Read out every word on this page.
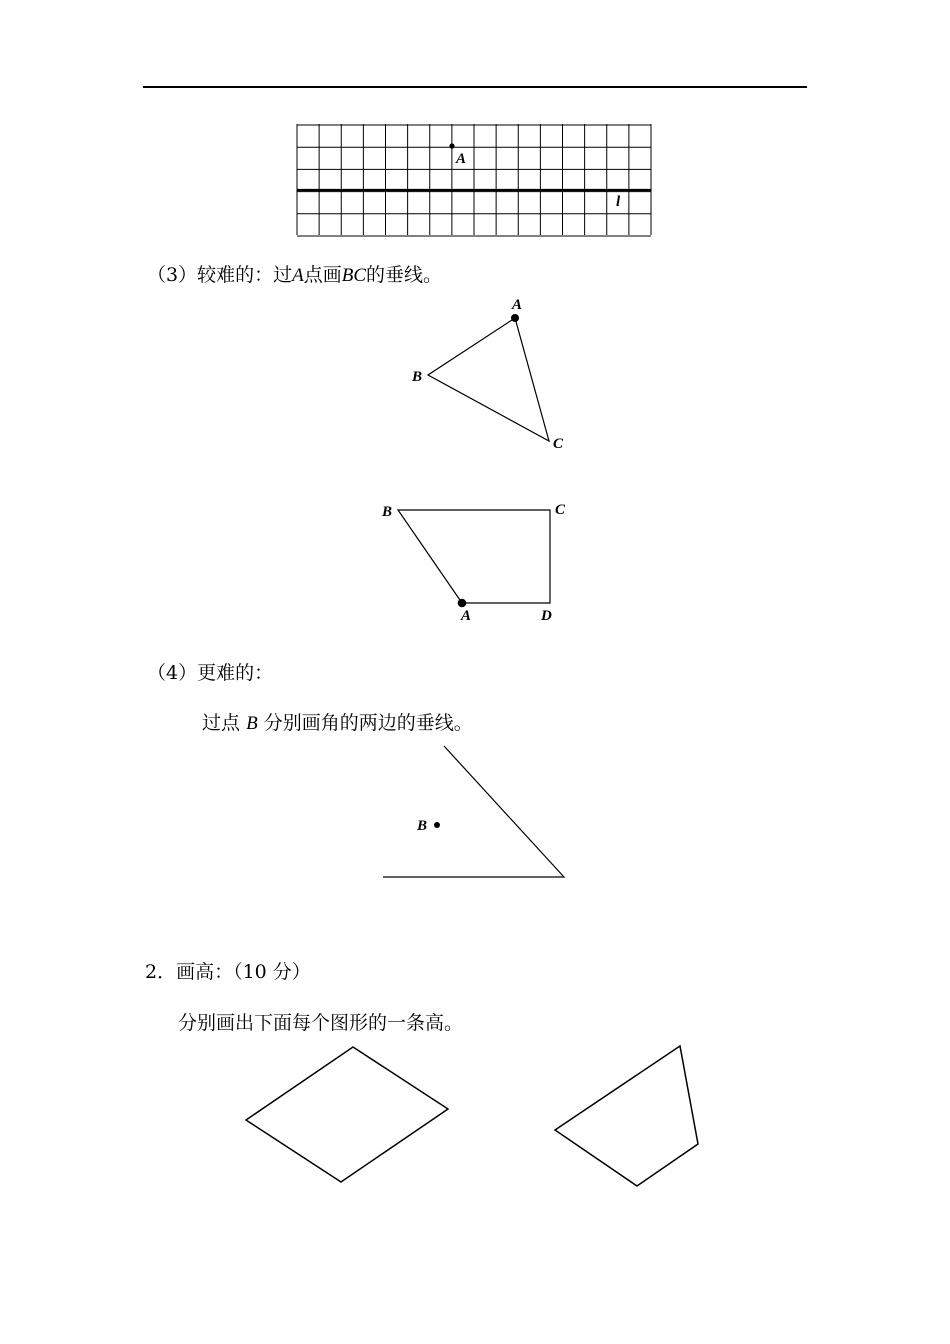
A
l
A
B
C
B	C
A	D
B
（3）较难的：过A点画BC的垂线。
（4）更难的：
过点 B 分别画角的两边的垂线。
2．画高：（10 分）
分别画出下面每个图形的一条高。
